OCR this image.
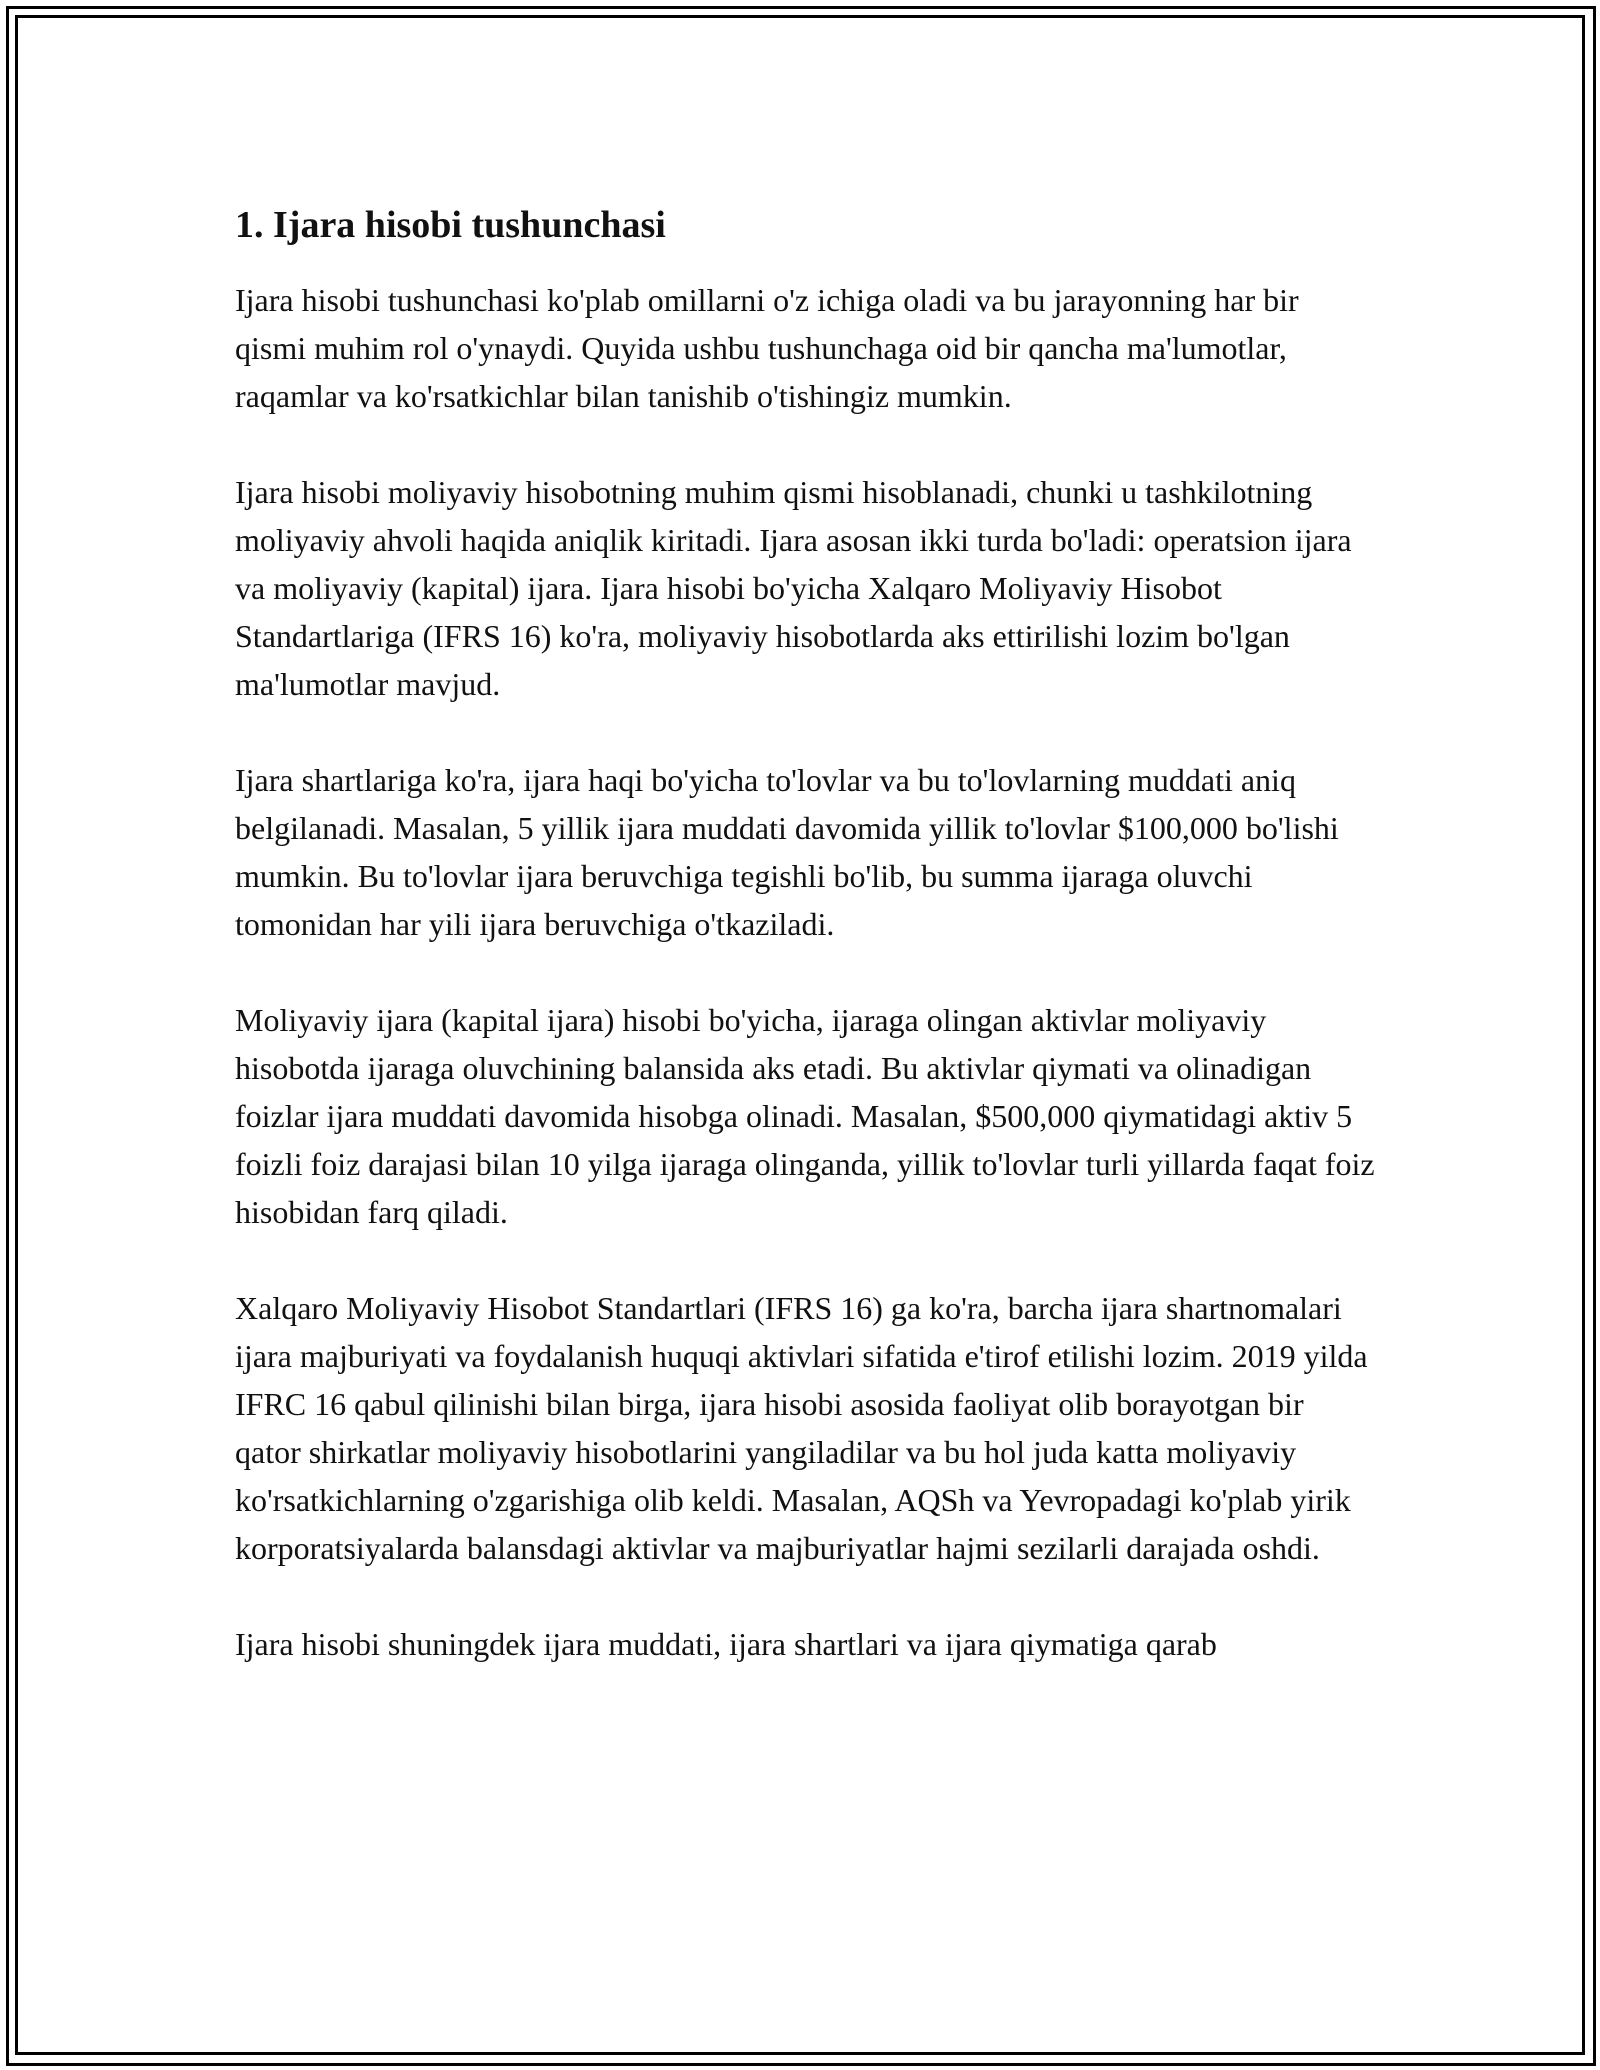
1. Ijara hisobi tushunchasi

Ijara hisobi tushunchasi ko'plab omillarni o'z ichiga oladi va bu jarayonning har bir qismi muhim rol o'ynaydi. Quyida ushbu tushunchaga oid bir qancha ma'lumotlar, raqamlar va ko'rsatkichlar bilan tanishib o'tishingiz mumkin.

Ijara hisobi moliyaviy hisobotning muhim qismi hisoblanadi, chunki u tashkilotning moliyaviy ahvoli haqida aniqlik kiritadi. Ijara asosan ikki turda bo'ladi: operatsion ijara va moliyaviy (kapital) ijara. Ijara hisobi bo'yicha Xalqaro Moliyaviy Hisobot Standartlariga (IFRS 16) ko'ra, moliyaviy hisobotlarda aks ettirilishi lozim bo'lgan ma'lumotlar mavjud.

Ijara shartlariga ko'ra, ijara haqi bo'yicha to'lovlar va bu to'lovlarning muddati aniq belgilanadi. Masalan, 5 yillik ijara muddati davomida yillik to'lovlar $100,000 bo'lishi mumkin. Bu to'lovlar ijara beruvchiga tegishli bo'lib, bu summa ijaraga oluvchi tomonidan har yili ijara beruvchiga o'tkaziladi.

Moliyaviy ijara (kapital ijara) hisobi bo'yicha, ijaraga olingan aktivlar moliyaviy hisobotda ijaraga oluvchining balansida aks etadi. Bu aktivlar qiymati va olinadigan foizlar ijara muddati davomida hisobga olinadi. Masalan, $500,000 qiymatidagi aktiv 5 foizli foiz darajasi bilan 10 yilga ijaraga olinganda, yillik to'lovlar turli yillarda faqat foiz hisobidan farq qiladi.

Xalqaro Moliyaviy Hisobot Standartlari (IFRS 16) ga ko'ra, barcha ijara shartnomalari ijara majburiyati va foydalanish huquqi aktivlari sifatida e'tirof etilishi lozim. 2019 yilda IFRC 16 qabul qilinishi bilan birga, ijara hisobi asosida faoliyat olib borayotgan bir qator shirkatlar moliyaviy hisobotlarini yangiladilar va bu hol juda katta moliyaviy ko'rsatkichlarning o'zgarishiga olib keldi. Masalan, AQSh va Yevropadagi ko'plab yirik korporatsiyalarda balansdagi aktivlar va majburiyatlar hajmi sezilarli darajada oshdi.

Ijara hisobi shuningdek ijara muddati, ijara shartlari va ijara qiymatiga qarab
